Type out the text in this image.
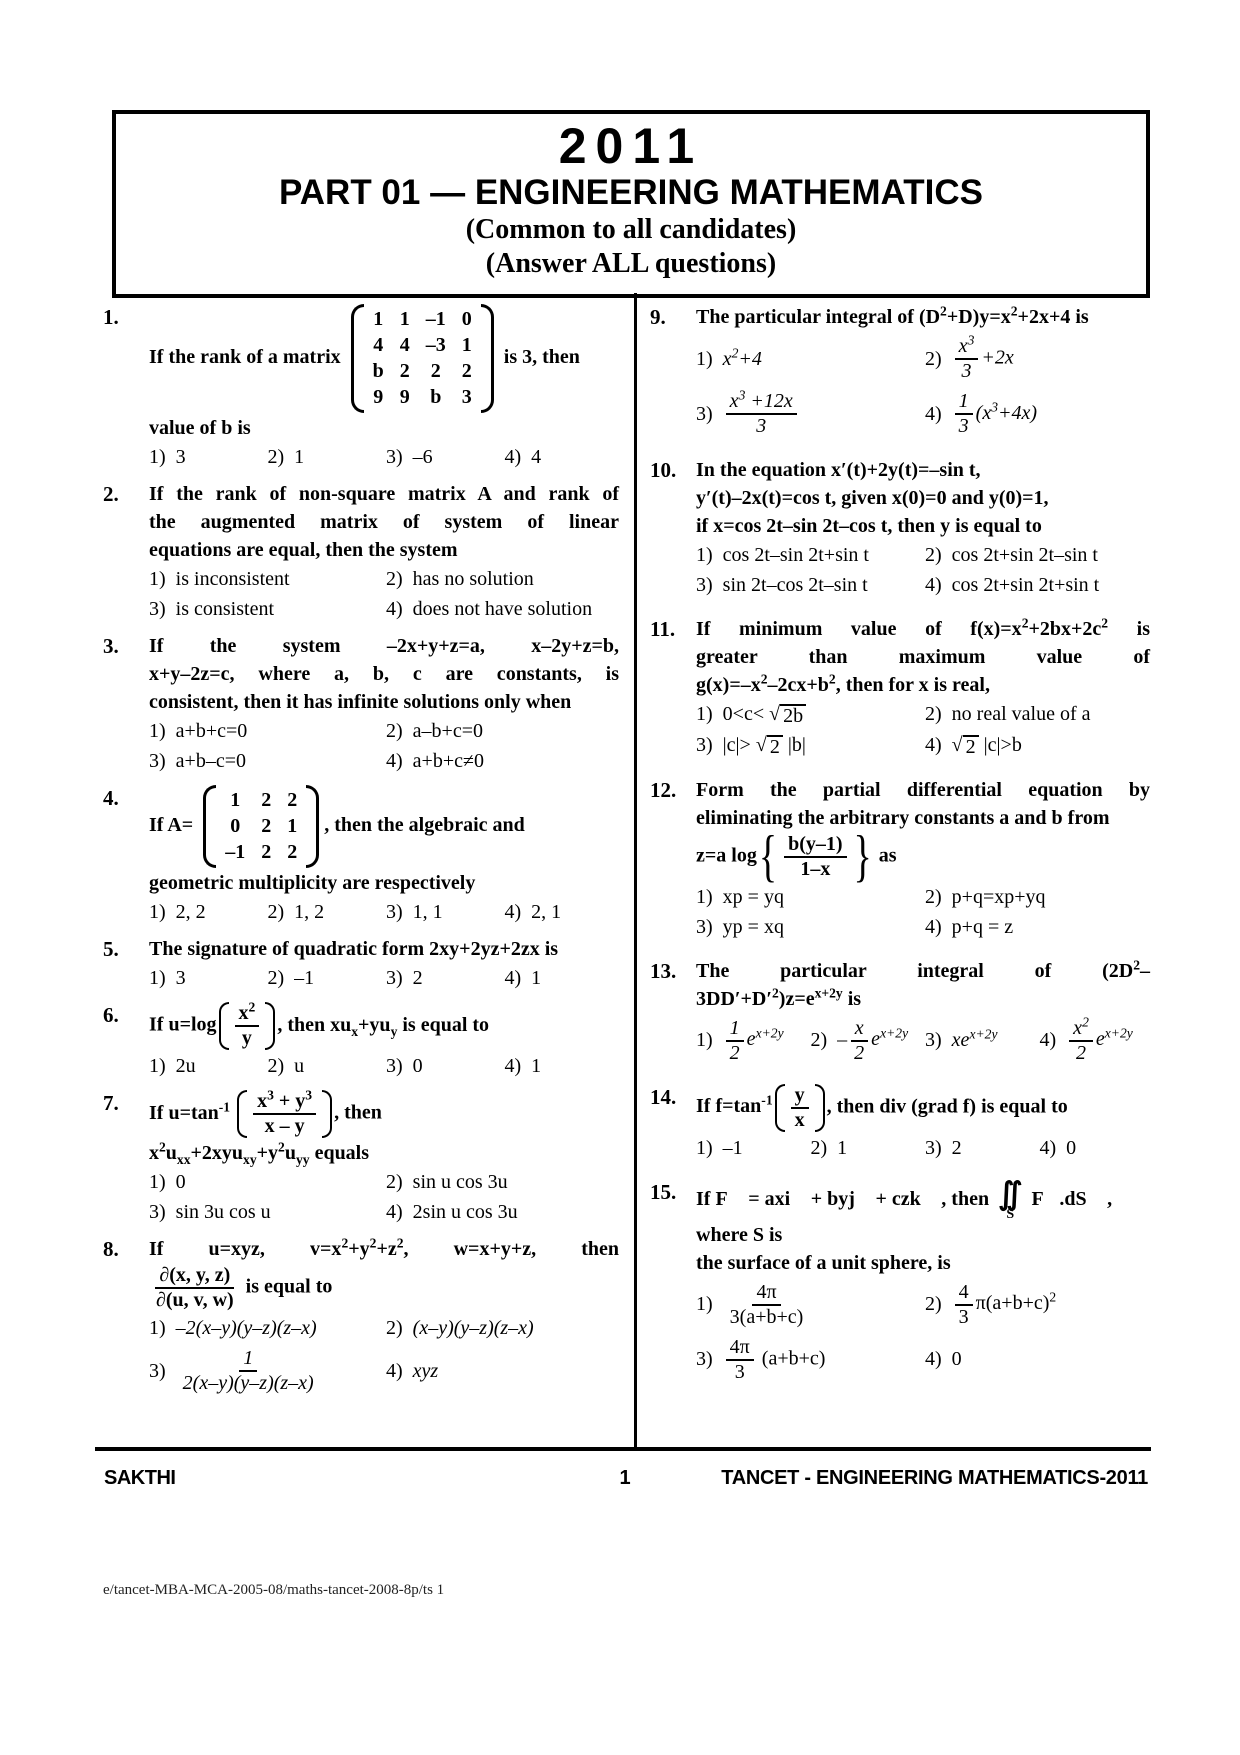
2011
PART 01 — ENGINEERING MATHEMATICS
(Common to all candidates)
(Answer ALL questions)
1.
If the rank of a matrix
1 1 –1 0
4 4 –3 1
b 2 2 2
9 9 b 3
is 3, then
value of b is
1) 3	2) 1	3) –6	4) 4
2.	If the rank of non-square matrix A and rank of
the augmented matrix of system of linear
equations are equal, then the system
1) is inconsistent	2) has no solution
3) is consistent	4) does not have solution
3.	If the system –2x+y+z=a, x–2y+z=b,
x+y–2z=c, where a, b, c are constants, is
consistent, then it has infinite solutions only when
1) a+b+c=0	2) a–b+c=0
3) a+b–c=0	4) a+b+c≠0
4.
If A=
1 2 2
0 2 1
–1 2 2
, then the algebraic and
geometric multiplicity are respectively
1) 2, 2	2) 1, 2	3) 1, 1	4) 2, 1
5.	The signature of quadratic form 2xy+2yz+2zx is
1) 3	2) –1	3) 2	4) 1
6.	If $u=\log \frac{x^2}{y}$ , then $xu_x+yu_y$ is equal to
1) 2u	2) u	3) 0	4) 1
7.	If $u=\tan^{-1} \frac{x^3 + y^3}{x - y}$ , then
$x^2u_{xx}+2xyu_{xy}+y^2u_{yy}$ equals
1) 0	2) sin u cos 3u
3) sin 3u cos u	4) 2sin u cos 3u
8.	If u=xyz, $v=x^2+y^2+z^2$, w=x+y+z, then
$\frac{\partial(x, y, z)}{\partial(u, v, w)}$ is equal to
1) –2(x–y)(y–z)(z–x)	2) (x–y)(y–z)(z–x)
$3) \frac{1}{2(x-y)(y-z)(z-x)}$	4) xyz
9.	The particular integral of $(D^2+D)y=x^2+2x+4$ is
1) $x^2+4$	$2) \frac{x^3}{3} +2x$
$3) \frac{x^3 +12x}{3}$	$4) \frac{1}{3} (x^3+4x)$
10. In the equation x′(t)+2y(t)=–sin t,
y′(t)–2x(t)=cos t, given x(0)=0 and y(0)=1,
if x=cos 2t–sin 2t–cos t, then y is equal to
1) cos 2t–sin 2t+sin t	2) cos 2t+sin 2t–sin t
3) sin 2t–cos 2t–sin t	4) cos 2t+sin 2t+sin t
11.	If minimum value of $f(x)=x^2+2bx+2c^2$ is
greater than maximum value of
$g(x)=-x^2-2cx+b^2$, then for x is real,
1) 0<c< √ 2b	2) no real value of a
3) |c|> √ 2 |b|	4) √ 2 |c|>b
12. Form the partial differential equation by
eliminating the arbitrary constants a and b from
z=a log { $\frac{b(y-1)}{1-x}$ } as
1) xp = yq	2) p+q=xp+yq
3) yp = xq	4) p+q = z
13. The particular integral of ($2D^2-$
$3DD'+D'^2)z=e^{x+2y}$ is
$1) \frac{1}{2} e^{x+2y}$ $2) - \frac{x}{2} e^{x+2y}$ 3) $xe^{x+2y}$ $4) \frac{x^2}{2} e^{x+2y}$
14. If $f=\tan^{-1} \frac{y}{x}$ , then div (grad f) is equal to
1) –1	2) 1	3) 2	4) 0
15. If F⃗ = axi⃗ + byj⃗ + czk⃗ , then ∬
S
F⃗.dS⃗ , where S is
the surface of a unit sphere, is
$1) \frac{4\pi}{3(a+b+c)}$	$2) \frac{4}{3} \pi(a+b+c)^2$
$3) \frac{4\pi}{3} (a+b+c)$	4) 0
SAKTHI	1	TANCET - ENGINEERING MATHEMATICS-2011
e/tancet-MBA-MCA-2005-08/maths-tancet-2008-8p/ts 1
